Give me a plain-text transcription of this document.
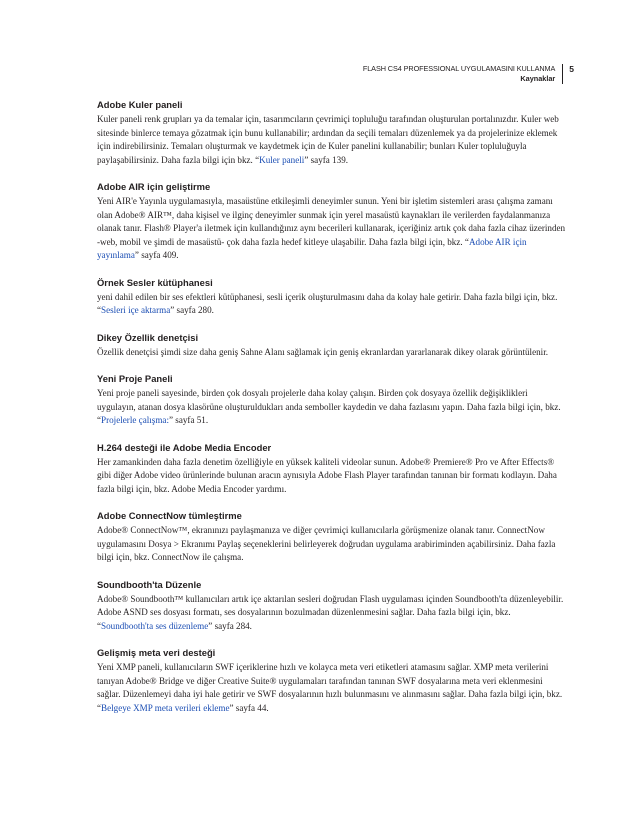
FLASH CS4 PROFESSIONAL UYGULAMASINI KULLANMA
Kaynaklar
5
Adobe Kuler paneli

Kuler paneli renk grupları ya da temalar için, tasarımcıların çevrimiçi topluluğu tarafından oluşturulan portalınızdır. Kuler web sitesinde binlerce temaya gözatmak için bunu kullanabilir; ardından da seçili temaları düzenlemek ya da projelerinize eklemek için indirebilirsiniz. Temaları oluşturmak ve kaydetmek için de Kuler panelini kullanabilir; bunları Kuler topluluğuyla paylaşabilirsiniz. Daha fazla bilgi için bkz. “Kuler paneli” sayfa 139.

Adobe AIR için geliştirme

Yeni AIR'e Yayınla uygulamasıyla, masaüstüne etkileşimli deneyimler sunun. Yeni bir işletim sistemleri arası çalışma zamanı olan Adobe® AIR™, daha kişisel ve ilginç deneyimler sunmak için yerel masaüstü kaynakları ile verilerden faydalanmanıza olanak tanır. Flash® Player'a iletmek için kullandığınız aynı becerileri kullanarak, içeriğiniz artık çok daha fazla cihaz üzerinden -web, mobil ve şimdi de masaüstü- çok daha fazla hedef kitleye ulaşabilir. Daha fazla bilgi için, bkz. “Adobe AIR için yayınlama” sayfa 409.

Örnek Sesler kütüphanesi

yeni dahil edilen bir ses efektleri kütüphanesi, sesli içerik oluşturulmasını daha da kolay hale getirir. Daha fazla bilgi için, bkz. “Sesleri içe aktarma” sayfa 280.

Dikey Özellik denetçisi

Özellik denetçisi şimdi size daha geniş Sahne Alanı sağlamak için geniş ekranlardan yararlanarak dikey olarak görüntülenir.

Yeni Proje Paneli

Yeni proje paneli sayesinde, birden çok dosyalı projelerle daha kolay çalışın. Birden çok dosyaya özellik değişiklikleri uygulayın, atanan dosya klasörüne oluşturuldukları anda semboller kaydedin ve daha fazlasını yapın. Daha fazla bilgi için, bkz. “Projelerle çalışma:” sayfa 51.

H.264 desteği ile Adobe Media Encoder

Her zamankinden daha fazla denetim özelliğiyle en yüksek kaliteli videolar sunun. Adobe® Premiere® Pro ve After Effects® gibi diğer Adobe video ürünlerinde bulunan aracın aynısıyla Adobe Flash Player tarafından tanınan bir formatı kodlayın. Daha fazla bilgi için, bkz. Adobe Media Encoder yardımı.

Adobe ConnectNow tümleştirme

Adobe® ConnectNow™, ekranınızı paylaşmanıza ve diğer çevrimiçi kullanıcılarla görüşmenize olanak tanır. ConnectNow uygulamasını Dosya > Ekranımı Paylaş seçeneklerini belirleyerek doğrudan uygulama arabiriminden açabilirsiniz. Daha fazla bilgi için, bkz. ConnectNow ile çalışma.

Soundbooth'ta Düzenle

Adobe® Soundbooth™ kullanıcıları artık içe aktarılan sesleri doğrudan Flash uygulaması içinden Soundbooth'ta düzenleyebilir. Adobe ASND ses dosyası formatı, ses dosyalarının bozulmadan düzenlenmesini sağlar. Daha fazla bilgi için, bkz. “Soundbooth'ta ses düzenleme” sayfa 284.

Gelişmiş meta veri desteği

Yeni XMP paneli, kullanıcıların SWF içeriklerine hızlı ve kolayca meta veri etiketleri atamasını sağlar. XMP meta verilerini tanıyan Adobe® Bridge ve diğer Creative Suite® uygulamaları tarafından tanınan SWF dosyalarına meta veri eklenmesini sağlar. Düzenlemeyi daha iyi hale getirir ve SWF dosyalarının hızlı bulunmasını ve alınmasını sağlar. Daha fazla bilgi için, bkz. “Belgeye XMP meta verileri ekleme” sayfa 44.
